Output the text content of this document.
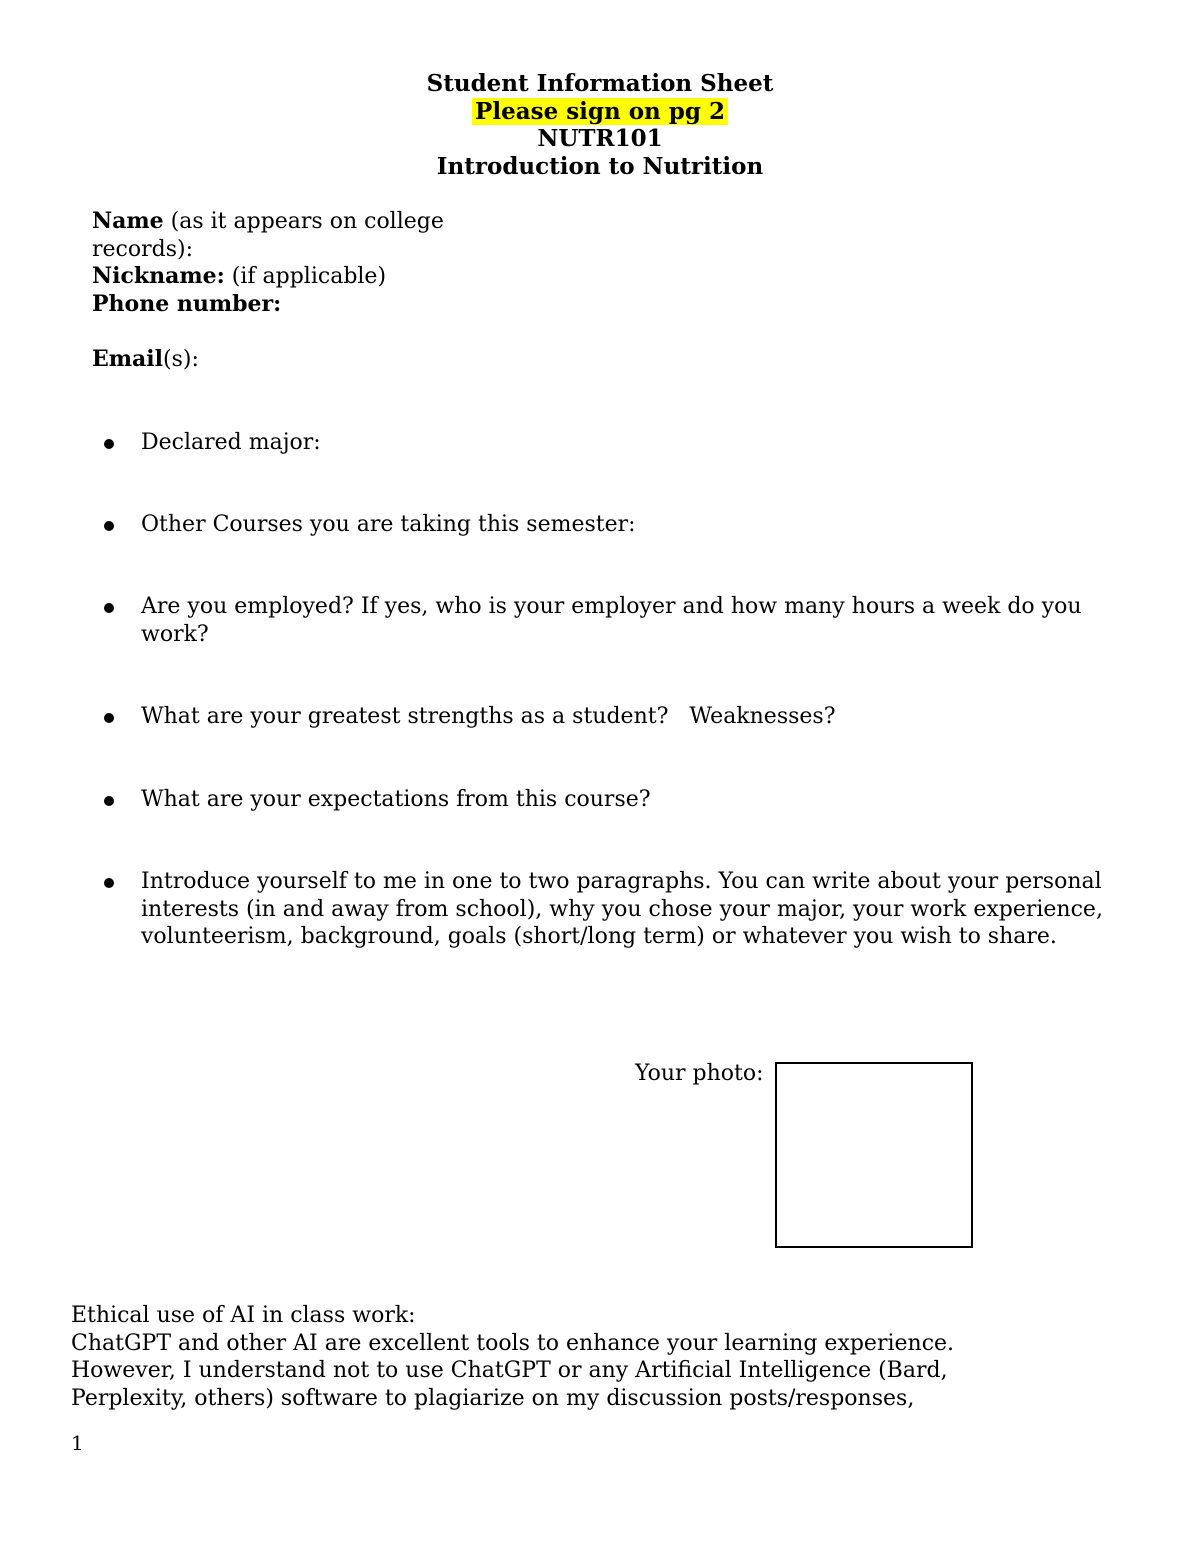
Student Information Sheet
Please sign on pg 2
NUTR101
Introduction to Nutrition
Name (as it appears on college
records):
Nickname: (if applicable)
Phone number:
Email(s):
Declared major:
Other Courses you are taking this semester:
Are you employed? If yes, who is your employer and how many hours a week do you work?
What are your greatest strengths as a student?   Weaknesses?
What are your expectations from this course?
Introduce yourself to me in one to two paragraphs. You can write about your personal interests (in and away from school), why you chose your major, your work experience, volunteerism, background, goals (short/long term) or whatever you wish to share.
Your photo:
Ethical use of AI in class work:
ChatGPT and other AI are excellent tools to enhance your learning experience.
However, I understand not to use ChatGPT or any Artificial Intelligence (Bard,
Perplexity, others) software to plagiarize on my discussion posts/responses,
1
